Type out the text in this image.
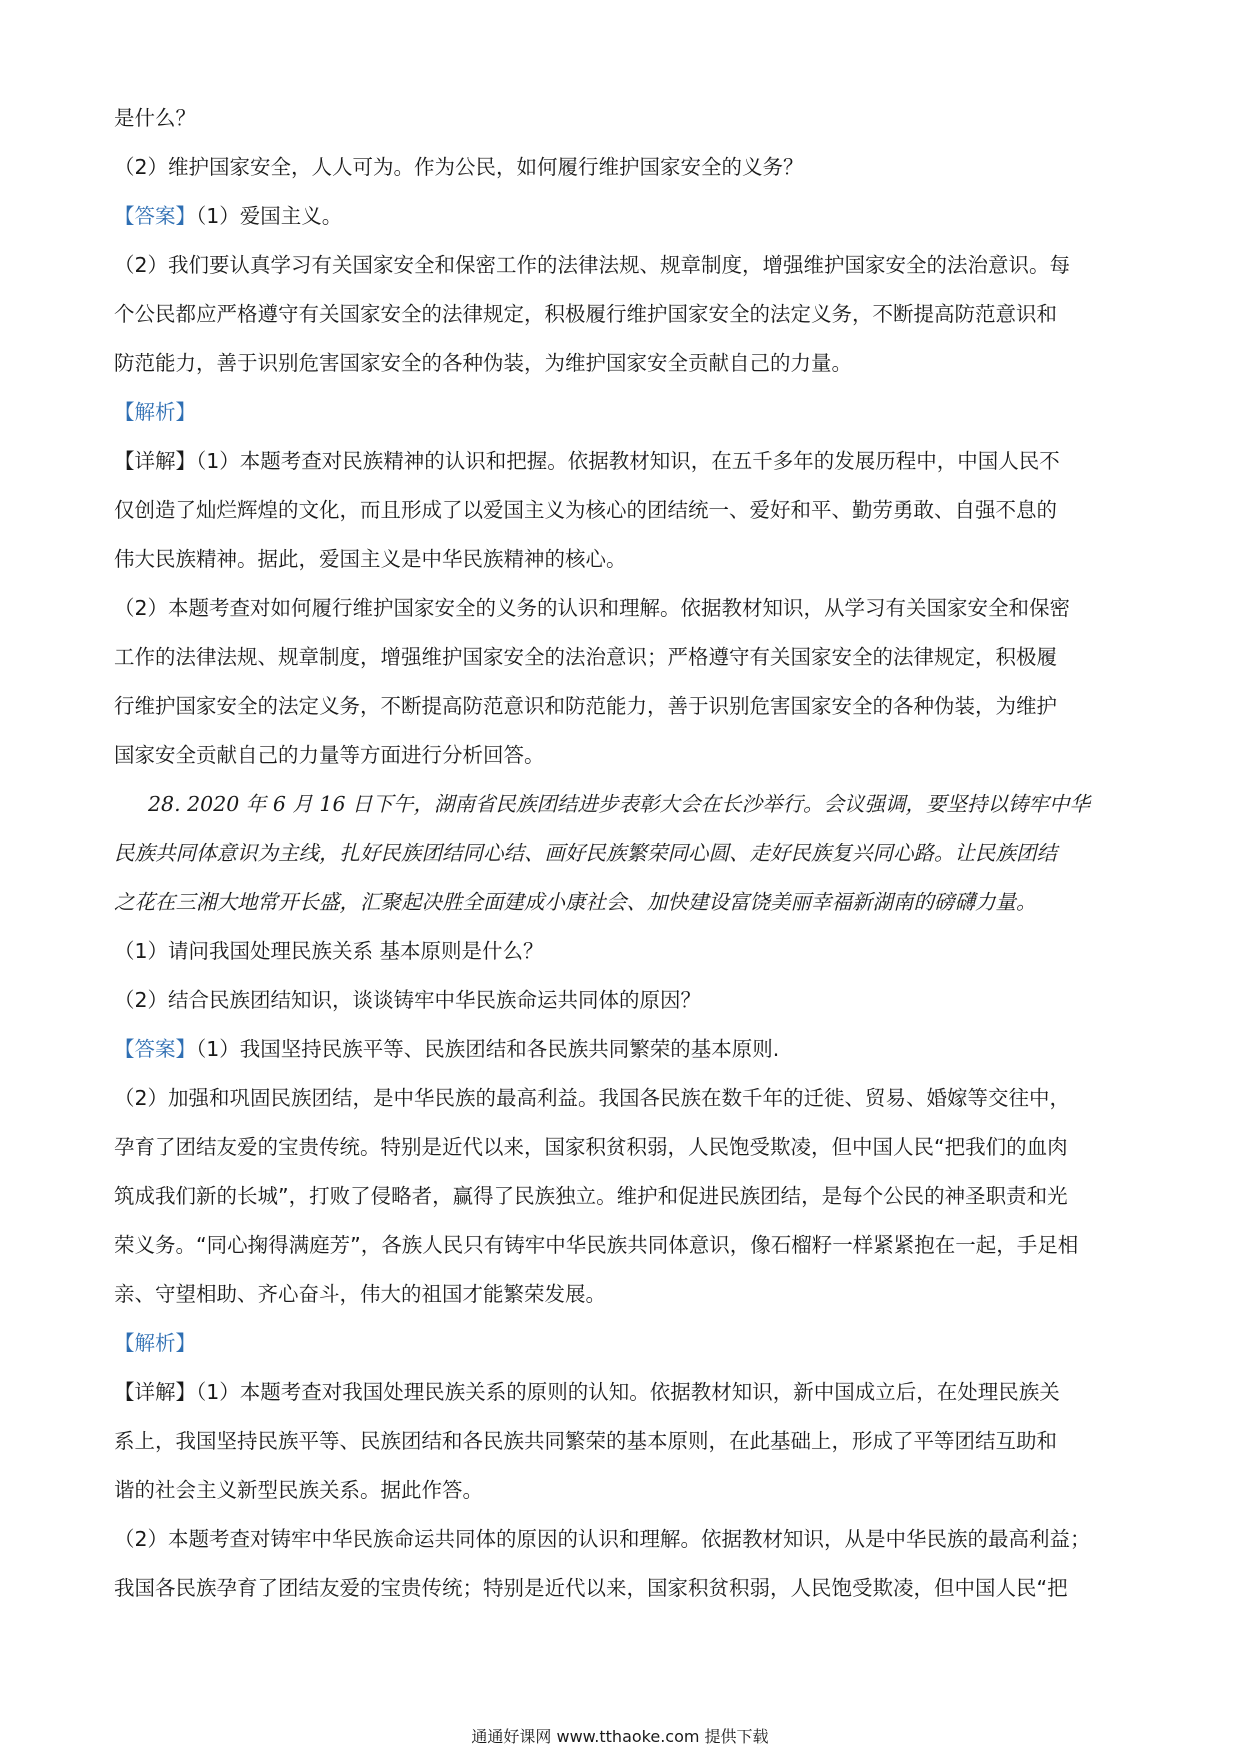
是什么？
（2）维护国家安全，人人可为。作为公民，如何履行维护国家安全的义务？
【答案】（1）爱国主义。
（2）我们要认真学习有关国家安全和保密工作的法律法规、规章制度，增强维护国家安全的法治意识。每
个公民都应严格遵守有关国家安全的法律规定，积极履行维护国家安全的法定义务，不断提高防范意识和
防范能力，善于识别危害国家安全的各种伪装，为维护国家安全贡献自己的力量。
【解析】
【详解】（1）本题考查对民族精神的认识和把握。依据教材知识，在五千多年的发展历程中，中国人民不
仅创造了灿烂辉煌的文化，而且形成了以爱国主义为核心的团结统一、爱好和平、勤劳勇敢、自强不息的
伟大民族精神。据此，爱国主义是中华民族精神的核心。
（2）本题考查对如何履行维护国家安全的义务的认识和理解。依据教材知识，从学习有关国家安全和保密
工作的法律法规、规章制度，增强维护国家安全的法治意识；严格遵守有关国家安全的法律规定，积极履
行维护国家安全的法定义务，不断提高防范意识和防范能力，善于识别危害国家安全的各种伪装，为维护
国家安全贡献自己的力量等方面进行分析回答。
28. 2020 年 6 月 16 日下午，湖南省民族团结进步表彰大会在长沙举行。会议强调，要坚持以铸牢中华
民族共同体意识为主线，扎好民族团结同心结、画好民族繁荣同心圆、走好民族复兴同心路。让民族团结
之花在三湘大地常开长盛，汇聚起决胜全面建成小康社会、加快建设富饶美丽幸福新湖南的磅礴力量。
（1）请问我国处理民族关系 基本原则是什么？
（2）结合民族团结知识，谈谈铸牢中华民族命运共同体的原因？
【答案】（1）我国坚持民族平等、民族团结和各民族共同繁荣的基本原则.
（2）加强和巩固民族团结，是中华民族的最高利益。我国各民族在数千年的迁徙、贸易、婚嫁等交往中，
孕育了团结友爱的宝贵传统。特别是近代以来，国家积贫积弱，人民饱受欺凌，但中国人民“把我们的血肉
筑成我们新的长城”，打败了侵略者，赢得了民族独立。维护和促进民族团结，是每个公民的神圣职责和光
荣义务。“同心掬得满庭芳”，各族人民只有铸牢中华民族共同体意识，像石榴籽一样紧紧抱在一起，手足相
亲、守望相助、齐心奋斗，伟大的祖国才能繁荣发展。
【解析】
【详解】（1）本题考查对我国处理民族关系的原则的认知。依据教材知识，新中国成立后，在处理民族关
系上，我国坚持民族平等、民族团结和各民族共同繁荣的基本原则，在此基础上，形成了平等团结互助和
谐的社会主义新型民族关系。据此作答。
（2）本题考查对铸牢中华民族命运共同体的原因的认识和理解。依据教材知识，从是中华民族的最高利益；
我国各民族孕育了团结友爱的宝贵传统；特别是近代以来，国家积贫积弱，人民饱受欺凌，但中国人民“把
通通好课网 www.tthaoke.com 提供下载
